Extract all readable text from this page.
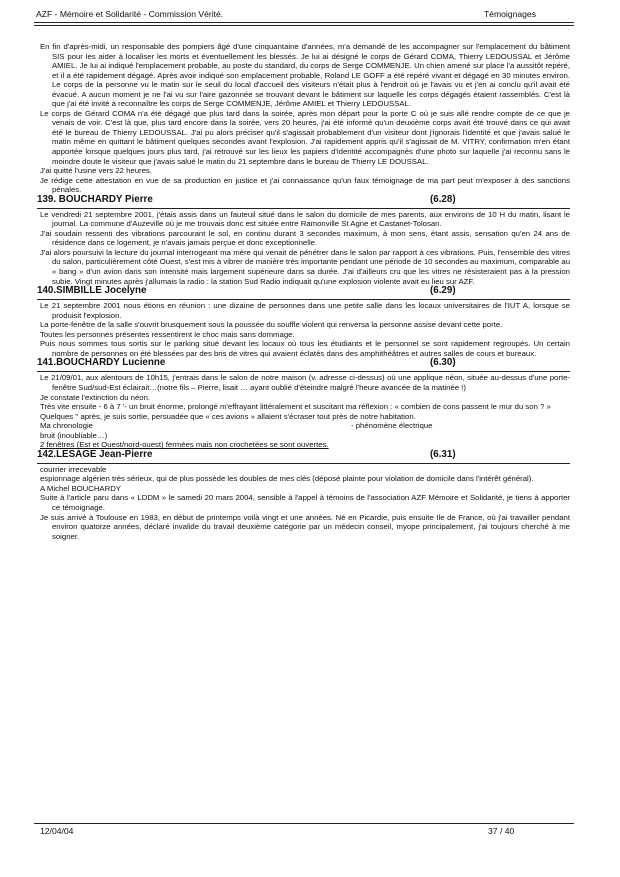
AZF - Mémoire et Solidarité - Commission Vérité.	Témoignages

En fin d'après-midi, un responsable des pompiers âgé d'une cinquantaine d'années, m'a demandé de les accompagner sur l'emplacement du bâtiment SIS pour les aider à localiser les morts et éventuellement les blessés. Je lui ai désigné le corps de Gérard COMA, Thierry LEDOUSSAL et Jérôme AMIEL. Je lui ai indiqué l'emplacement probable, au poste du standard, du corps de Serge COMMENJE. Un chien amené sur place l'a aussitôt repéré, et il a été rapidement dégagé. Après avoir indiqué son emplacement probable, Roland LE GOFF a été repéré vivant et dégagé en 30 minutes environ. Le corps de la personne vu le matin sur le seuil du local d'accueil des visiteurs n'était plus à l'endroit où je l'avais vu et j'en ai conclu qu'il avait été évacué. A aucun moment je ne l'ai vu sur l'aire gazonnée se trouvant devant le bâtiment sur laquelle les corps dégagés étaient rassemblés. C'est là que j'ai été invité à reconnaître les corps de Serge COMMENJE, Jérôme AMIEL et Thierry LEDOUSSAL.

Le corps de Gérard COMA n'a été dégagé que plus tard dans la soirée, après mon départ pour la porte C où je suis allé rendre compte de ce que je venais de voir. C'est là que, plus tard encore dans la soirée, vers 20 heures, j'ai été informé qu'un deuxième corps avait été trouvé dans ce qui avait été le bureau de Thierry LEDOUSSAL. J'ai pu alors préciser qu'il s'agissait probablement d'un visiteur dont j'ignorais l'identité et que j'avais salué le matin même en quittant le bâtiment quelques secondes avant l'explosion. J'ai rapidement appris qu'il s'agissait de M. VITRY, confirmation m'en étant apportée lorsque quelques jours plus tard, j'ai retrouvé sur les lieux les papiers d'identité accompagnés d'une photo sur laquelle j'ai reconnu sans le moindre doute le visiteur que j'avais salué le matin du 21 septembre dans le bureau de Thierry LE DOUSSAL.

J'ai quitté l'usine vers 22 heures.

Je rédige cette attestation en vue de sa production en justice et j'ai connaissance qu'un faux témoignage de ma part peut m'exposer à des sanctions pénales.

139. BOUCHARDY Pierre	(6.28)

Le vendredi 21 septembre 2001, j'étais assis dans un fauteuil situé dans le salon du domicile de mes parents, aux environs de 10 H du matin, lisant le journal. La commune d'Auzeville où je me trouvais donc est située entre Ramonville St Agne et Castanet-Tolosan.

J'ai soudain ressenti des vibrations parcourant le sol, en continu durant 3 secondes maximum, à mon sens, étant assis, sensation qu'en 24 ans de résidence dans ce logement, je n'avais jamais perçue et donc exceptionnelle.

J'ai alors poursuivi la lecture du journal interrogeant ma mère qui venait de pénétrer dans le salon par rapport à ces vibrations. Puis, l'ensemble des vitres du salon, particulièrement côté Ouest, s'est mis à vibrer de manière très importante pendant une période de 10 secondes au maximum, comparable au « bang » d'un avion dans son intensité mais largement supérieure dans sa durée. J'ai d'ailleurs cru que les vitres ne résisteraient pas à la pression subie. Vingt minutes après j'allumais la radio : la station Sud Radio indiquait qu'une explosion violente avait eu lieu sur AZF.

140.SIMBILLE Jocelyne	(6.29)

Le 21 septembre 2001 nous étions en réunion : une dizaine de personnes dans une petite salle dans les locaux universitaires de l'IUT A, lorsque se produisit l'explosion.

La porte-fenêtre de la salle s'ouvrit brusquement sous la poussée du souffle violent qui renversa la personne assise devant cette porte.

Toutes les personnes présentes ressentirent le choc mais sans dommage.

Puis nous sommes tous sortis sur le parking situé devant les locaux où tous les étudiants et le personnel se sont rapidement regroupés. Un certain nombre de personnes on été blessées par des bris de vitres qui avaient éclatés dans des amphithéâtres et autres salles de cours et bureaux.

141.BOUCHARDY Lucienne	(6.30)

Le 21/09/01, aux alentours de 10h15, j'entrais dans le salon de notre maison (v. adresse ci-dessus) où une applique néon, située au-dessus d'une porte-fenêtre Sud/sud-Est éclairait…(notre fils – Pierre, lisait … ayant oublié d'éteindre malgré l'heure avancée de la matinée !)

Je constate l'extinction du néon.

Très vite ensuite - 6 à 7 '- un bruit énorme, prolongé m'effrayant littéralement et suscitant ma réflexion : « combien de cons passent le mur du son ? »

Quelques '' après, je suis sortie, persuadée que « ces avions » allaient s'écraser tout près de notre habitation.

Ma chronologie	- phénomène électrique

bruit (inoubliable…)

2 fenêtres (Est et Ouest/nord-ouest) fermées mais non crochetées se sont ouvertes.

142.LESAGE Jean-Pierre	(6.31)

courrier irrecevable

espionnage algérien très sérieux, qui de plus possède les doubles de mes clés (déposé plainte pour violation de domicile dans l'intérêt général).

A Michel BOUCHARDY

Suite à l'article paru dans « LDDM » le samedi 20 mars 2004, sensible à l'appel à témoins de l'association AZF Mémoire et Solidarité, je tiens à apporter ce témoignage.

Je suis arrivé à Toulouse en 1983, en début de printemps voilà vingt et une années. Né en Picardie, puis ensuite Ile de France, où j'ai travailler pendant environ quatorze années, déclaré invalide du travail deuxième catégorie par un médecin conseil, myope principalement, j'ai toujours cherché à me soigner.

12/04/04	37 / 40
